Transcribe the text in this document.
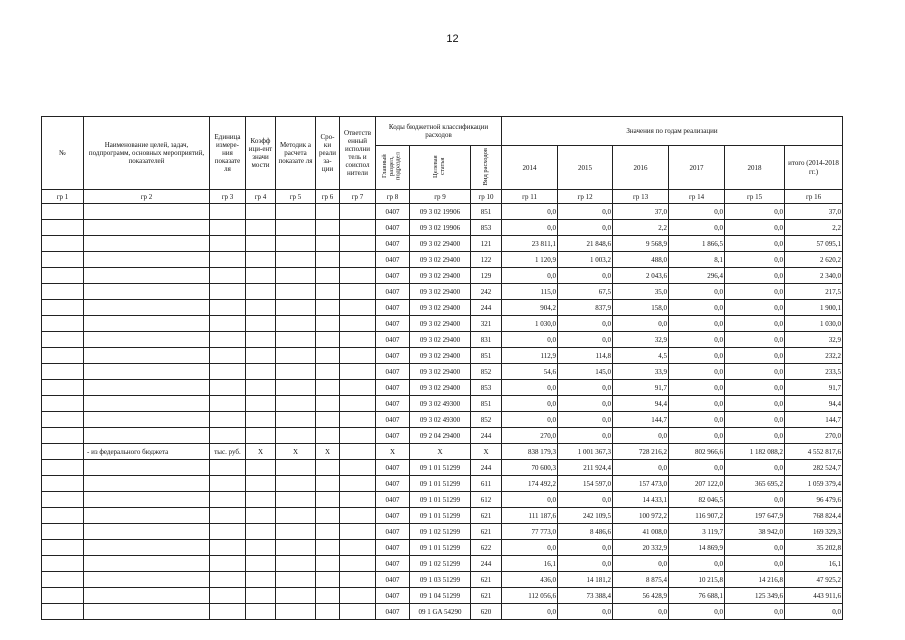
12
№	Наименование целей, задач, подпрограмм, основных мероприятий, показателей	Единица измере-ния показате ля	Коэфф ици-ент значи мости	Методик а расчета показате ля	Сро-ки реали за-ции	Ответств енный исполни тель и соиспол нители	Коды бюджетной классификации расходов			Значения по годам реализации					
							Главный раздел, подраздел	Целевая статья	Вид расходов	2014	2015	2016	2017	2018	итого (2014-2018 гг.)
гр 1	гр 2	гр 3	гр 4	гр 5	гр 6	гр 7	гр 8	гр 9	гр 10	гр 11	гр 12	гр 13	гр 14	гр 15	гр 16
							0407	09 3 02 19906	851	0,0	0,0	37,0	0,0	0,0	37,0
							0407	09 3 02 19906	853	0,0	0,0	2,2	0,0	0,0	2,2
							0407	09 3 02 29400	121	23 811,1	21 848,6	9 568,9	1 866,5	0,0	57 095,1
							0407	09 3 02 29400	122	1 120,9	1 003,2	488,0	8,1	0,0	2 620,2
							0407	09 3 02 29400	129	0,0	0,0	2 043,6	296,4	0,0	2 340,0
							0407	09 3 02 29400	242	115,0	67,5	35,0	0,0	0,0	217,5
							0407	09 3 02 29400	244	904,2	837,9	158,0	0,0	0,0	1 900,1
							0407	09 3 02 29400	321	1 030,0	0,0	0,0	0,0	0,0	1 030,0
							0407	09 3 02 29400	831	0,0	0,0	32,9	0,0	0,0	32,9
							0407	09 3 02 29400	851	112,9	114,8	4,5	0,0	0,0	232,2
							0407	09 3 02 29400	852	54,6	145,0	33,9	0,0	0,0	233,5
							0407	09 3 02 29400	853	0,0	0,0	91,7	0,0	0,0	91,7
							0407	09 3 02 49300	851	0,0	0,0	94,4	0,0	0,0	94,4
							0407	09 3 02 49300	852	0,0	0,0	144,7	0,0	0,0	144,7
							0407	09 2 04 29400	244	270,0	0,0	0,0	0,0	0,0	270,0
	- из федерального бюджета	тыс. руб.	X	X	X		X	X	X	838 179,3	1 001 367,3	728 216,2	802 966,6	1 182 088,2	4 552 817,6
							0407	09 1 01 51299	244	70 600,3	211 924,4	0,0	0,0	0,0	282 524,7
							0407	09 1 01 51299	611	174 492,2	154 597,0	157 473,0	207 122,0	365 695,2	1 059 379,4
							0407	09 1 01 51299	612	0,0	0,0	14 433,1	82 046,5	0,0	96 479,6
							0407	09 1 01 51299	621	111 187,6	242 109,5	100 972,2	116 907,2	197 647,9	768 824,4
							0407	09 1 02 51299	621	77 773,0	8 486,6	41 008,0	3 119,7	38 942,0	169 329,3
							0407	09 1 01 51299	622	0,0	0,0	20 332,9	14 869,9	0,0	35 202,8
							0407	09 1 02 51299	244	16,1	0,0	0,0	0,0	0,0	16,1
							0407	09 1 03 51299	621	436,0	14 181,2	8 875,4	10 215,8	14 216,8	47 925,2
							0407	09 1 04 51299	621	112 056,6	73 388,4	56 428,9	76 688,1	125 349,6	443 911,6
							0407	09 1 GA 54290	620	0,0	0,0	0,0	0,0	0,0	0,0
